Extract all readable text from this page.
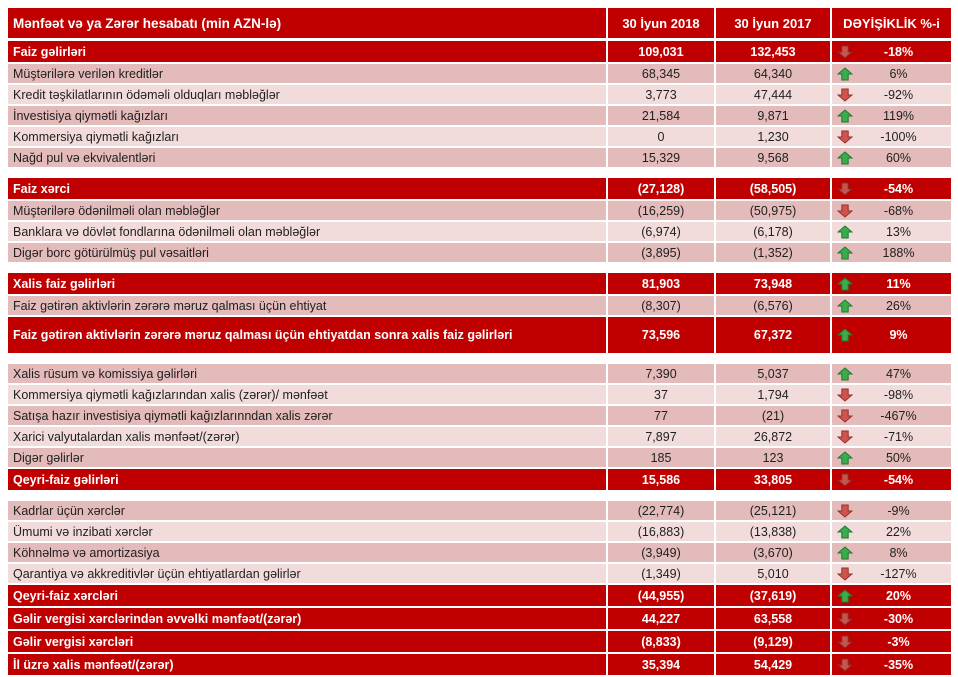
Mənfəət və ya Zərər hesabatı (min AZN-lə)	30 İyun 2018	30 İyun 2017	DƏYİŞİKLİK %-i
Faiz gəlirləri	109,031	132,453	-18%
Müştərilərə verilən kreditlər	68,345	64,340	6%
Kredit təşkilatlarının ödəməli olduqları məbləğlər	3,773	47,444	-92%
İnvestisiya qiymətli kağızları	21,584	9,871	119%
Kommersiya qiymətli kağızları	0	1,230	-100%
Nağd pul və ekvivalentləri	15,329	9,568	60%
Faiz xərci	(27,128)	(58,505)	-54%
Müştərilərə ödənilməli olan məbləğlər	(16,259)	(50,975)	-68%
Banklara və dövlət fondlarına ödənilməli olan məbləğlər	(6,974)	(6,178)	13%
Digər borc götürülmüş pul vəsaitləri	(3,895)	(1,352)	188%
Xalis faiz gəlirləri	81,903	73,948	11%
Faiz gətirən aktivlərin zərərə məruz qalması üçün ehtiyat	(8,307)	(6,576)	26%
Faiz gətirən aktivlərin zərərə məruz qalması üçün ehtiyatdan sonra xalis faiz gəlirləri	73,596	67,372	9%
Xalis rüsum və komissiya gəlirləri	7,390	5,037	47%
Kommersiya qiymətli kağızlarından xalis (zərər)/ mənfəət	37	1,794	-98%
Satışa hazır investisiya qiymətli kağızlarınndan xalis zərər	77	(21)	-467%
Xarici valyutalardan xalis mənfəət/(zərər)	7,897	26,872	-71%
Digər gəlirlər	185	123	50%
Qeyri-faiz gəlirləri	15,586	33,805	-54%
Kadrlar üçün xərclər	(22,774)	(25,121)	-9%
Ümumi və inzibati xərclər	(16,883)	(13,838)	22%
Köhnəlmə və amortizasiya	(3,949)	(3,670)	8%
Qarantiya və akkreditivlər üçün ehtiyatlardan gəlirlər	(1,349)	5,010	-127%
Qeyri-faiz xərcləri	(44,955)	(37,619)	20%
Gəlir vergisi xərclərindən əvvəlki mənfəət/(zərər)	44,227	63,558	-30%
Gəlir vergisi xərcləri	(8,833)	(9,129)	-3%
İl üzrə xalis mənfəət/(zərər)	35,394	54,429	-35%
